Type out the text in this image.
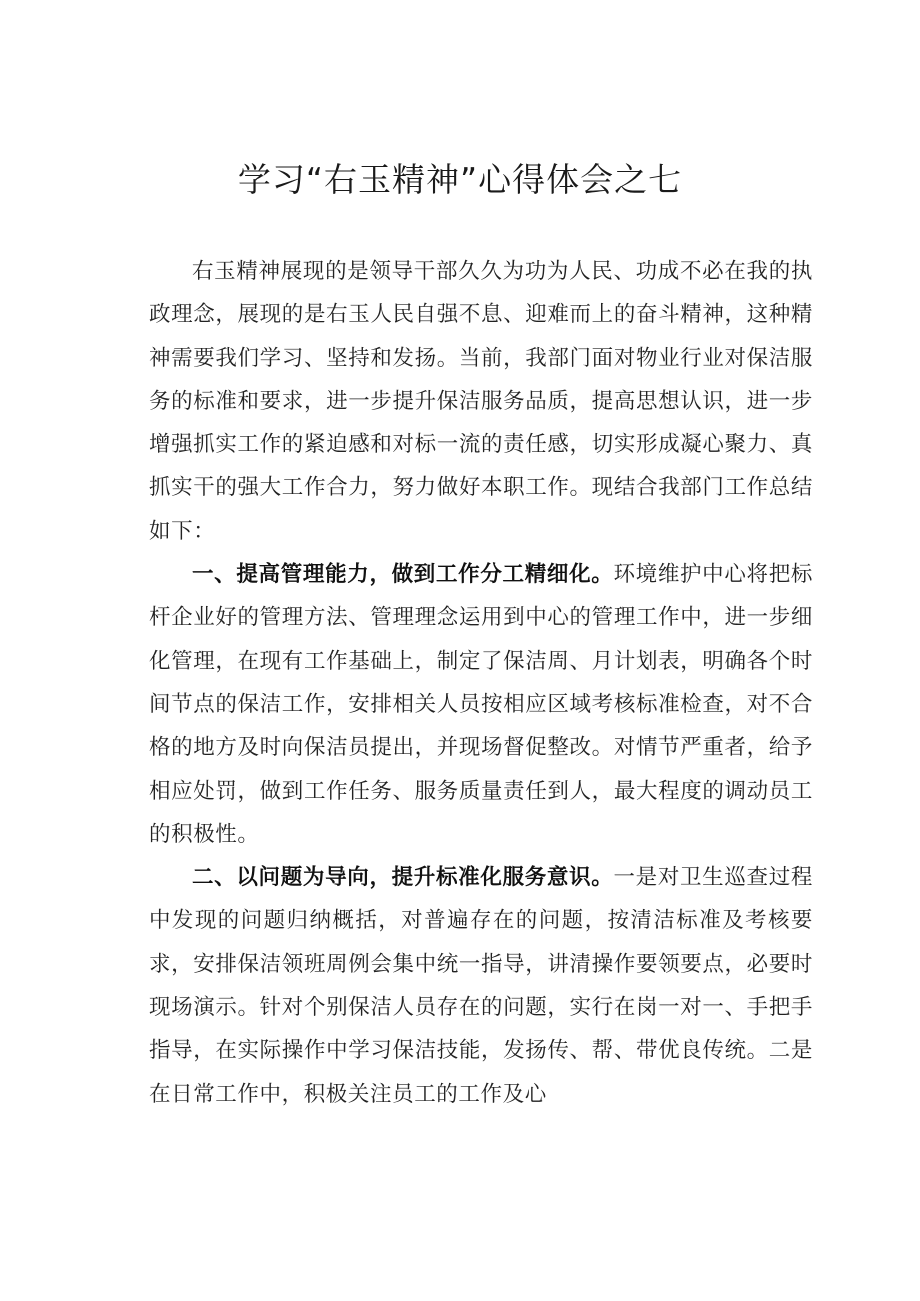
学习“右玉精神”心得体会之七

右玉精神展现的是领导干部久久为功为人民、功成不必在我的执政理念，展现的是右玉人民自强不息、迎难而上的奋斗精神，这种精神需要我们学习、坚持和发扬。当前，我部门面对物业行业对保洁服务的标准和要求，进一步提升保洁服务品质，提高思想认识，进一步增强抓实工作的紧迫感和对标一流的责任感，切实形成凝心聚力、真抓实干的强大工作合力，努力做好本职工作。现结合我部门工作总结如下：

一、提高管理能力，做到工作分工精细化。环境维护中心将把标杆企业好的管理方法、管理理念运用到中心的管理工作中，进一步细化管理，在现有工作基础上，制定了保洁周、月计划表，明确各个时间节点的保洁工作，安排相关人员按相应区域考核标准检查，对不合格的地方及时向保洁员提出，并现场督促整改。对情节严重者，给予相应处罚，做到工作任务、服务质量责任到人，最大程度的调动员工的积极性。

二、以问题为导向，提升标准化服务意识。一是对卫生巡查过程中发现的问题归纳概括，对普遍存在的问题，按清洁标准及考核要求，安排保洁领班周例会集中统一指导，讲清操作要领要点，必要时现场演示。针对个别保洁人员存在的问题，实行在岗一对一、手把手指导，在实际操作中学习保洁技能，发扬传、帮、带优良传统。二是在日常工作中，积极关注员工的工作及心
